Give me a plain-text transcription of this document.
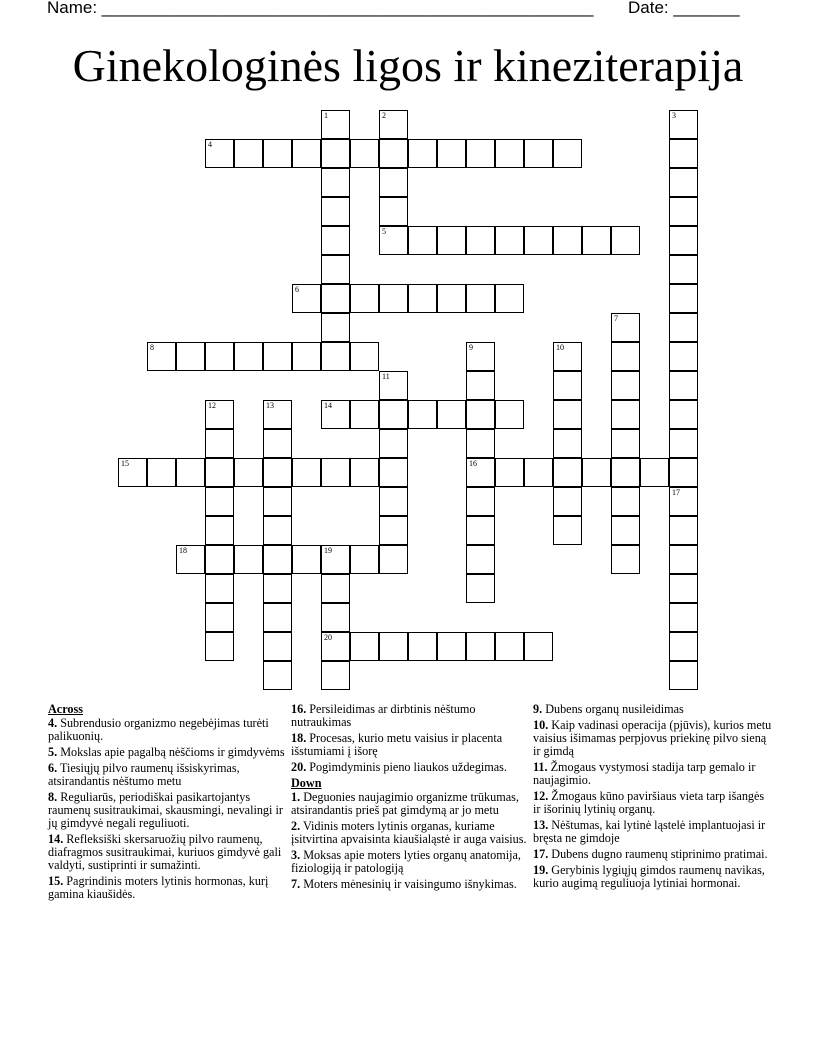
Name: ____________________________________________________ Date: _______
Ginekologinės ligos ir kineziterapija
1	2
5
3
4
6
7
8	9
16
10
11
12	13	14
15
17
18	19
20
Across
4. Subrendusio organizmo negebėjimas turėti palikuonių.
5. Mokslas apie pagalbą nėščioms ir gimdyvėms
6. Tiesiųjų pilvo raumenų išsiskyrimas, atsirandantis nėštumo metu
8. Reguliarūs, periodiškai pasikartojantys raumenų susitraukimai, skausmingi, nevalingi ir jų gimdyvė negali reguliuoti.
14. Refleksiški skersaruožių pilvo raumenų, diafragmos susitraukimai, kuriuos gimdyvė gali valdyti, sustiprinti ir sumažinti.
15. Pagrindinis moters lytinis hormonas, kurį gamina kiaušidės.
16. Persileidimas ar dirbtinis nėštumo nutraukimas
18. Procesas, kurio metu vaisius ir placenta išstumiami į išorę
20. Pogimdyminis pieno liaukos uždegimas.
Down
1. Deguonies naujagimio organizme trūkumas, atsirandantis prieš pat gimdymą ar jo metu
2. Vidinis moters lytinis organas, kuriame įsitvirtina apvaisinta kiaušialąstė ir auga vaisius.
3. Moksas apie moters lyties organų anatomija, fiziologiją ir patologiją
7. Moters mėnesinių ir vaisingumo išnykimas.
9. Dubens organų nusileidimas
10. Kaip vadinasi operacija (pjūvis), kurios metu vaisius išimamas perpjovus priekinę pilvo sieną ir gimdą
11. Žmogaus vystymosi stadija tarp gemalo ir naujagimio.
12. Žmogaus kūno paviršiaus vieta tarp išangės ir išorinių lytinių organų.
13. Nėštumas, kai lytinė ląstelė implantuojasi ir bręsta ne gimdoje
17. Dubens dugno raumenų stiprinimo pratimai.
19. Gerybinis lygiųjų gimdos raumenų navikas, kurio augimą reguliuoja lytiniai hormonai.
